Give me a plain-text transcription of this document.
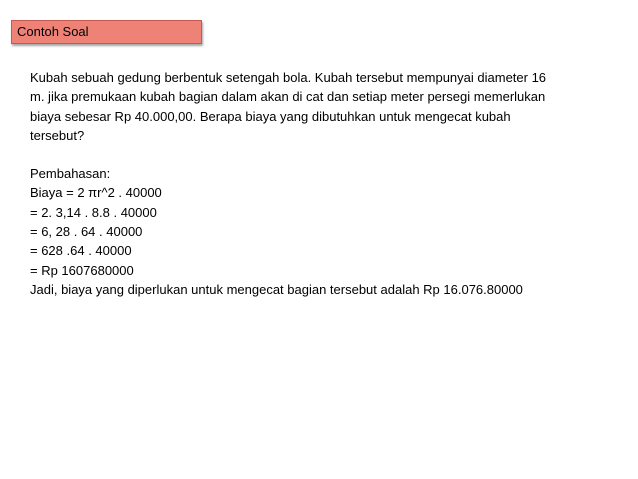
Contoh Soal

Kubah sebuah gedung berbentuk setengah bola. Kubah tersebut mempunyai diameter 16 m. jika premukaan kubah bagian dalam akan di cat dan setiap meter persegi memerlukan biaya sebesar Rp 40.000,00. Berapa biaya yang dibutuhkan untuk mengecat kubah tersebut?

Pembahasan:

Biaya = 2 πr^2 . 40000

= 2. 3,14 . 8.8 . 40000

= 6, 28 . 64 . 40000

= 628 .64 . 40000

= Rp 1607680000

Jadi, biaya yang diperlukan untuk mengecat bagian tersebut adalah Rp 16.076.80000
